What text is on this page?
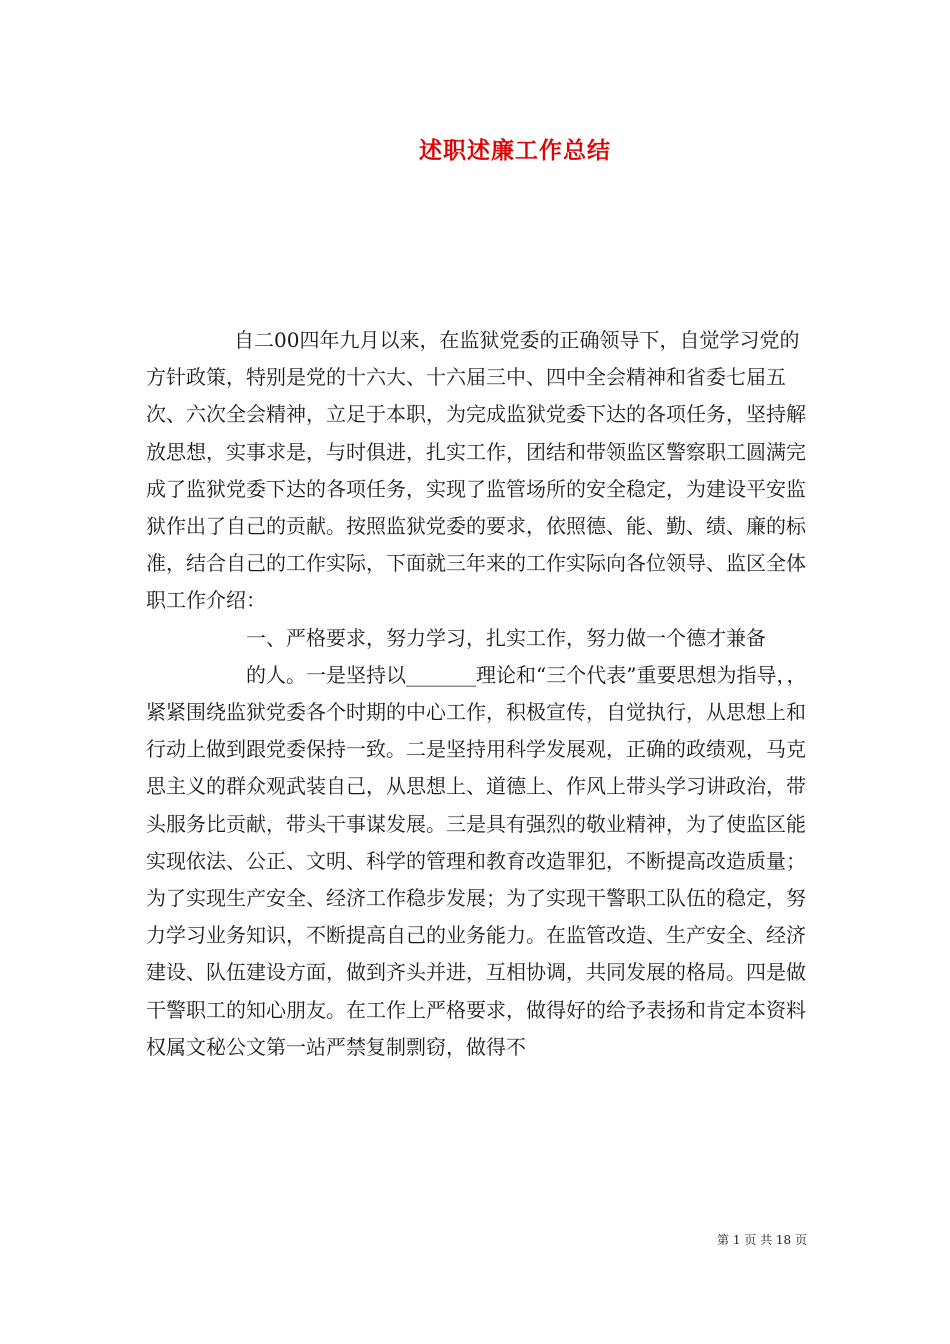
述职述廉工作总结

自二00四年九月以来，在监狱党委的正确领导下，自觉学习党的方针政策，特别是党的十六大、十六届三中、四中全会精神和省委七届五次、六次全会精神，立足于本职，为完成监狱党委下达的各项任务，坚持解放思想，实事求是，与时俱进，扎实工作，团结和带领监区警察职工圆满完成了监狱党委下达的各项任务，实现了监管场所的安全稳定，为建设平安监狱作出了自己的贡献。按照监狱党委的要求，依照德、能、勤、绩、廉的标准，结合自己的工作实际，下面就三年来的工作实际向各位领导、监区全体职工作介绍：

一、严格要求，努力学习，扎实工作，努力做一个德才兼备

的人。一是坚持以_______理论和“三个代表”重要思想为指导，，紧紧围绕监狱党委各个时期的中心工作，积极宣传，自觉执行，从思想上和行动上做到跟党委保持一致。二是坚持用科学发展观，正确的政绩观，马克思主义的群众观武装自己，从思想上、道德上、作风上带头学习讲政治，带头服务比贡献，带头干事谋发展。三是具有强烈的敬业精神，为了使监区能实现依法、公正、文明、科学的管理和教育改造罪犯，不断提高改造质量；为了实现生产安全、经济工作稳步发展；为了实现干警职工队伍的稳定，努力学习业务知识，不断提高自己的业务能力。在监管改造、生产安全、经济建设、队伍建设方面，做到齐头并进，互相协调，共同发展的格局。四是做干警职工的知心朋友。在工作上严格要求，做得好的给予表扬和肯定本资料权属文秘公文第一站严禁复制剽窃，做得不

第 1 页 共 18 页
